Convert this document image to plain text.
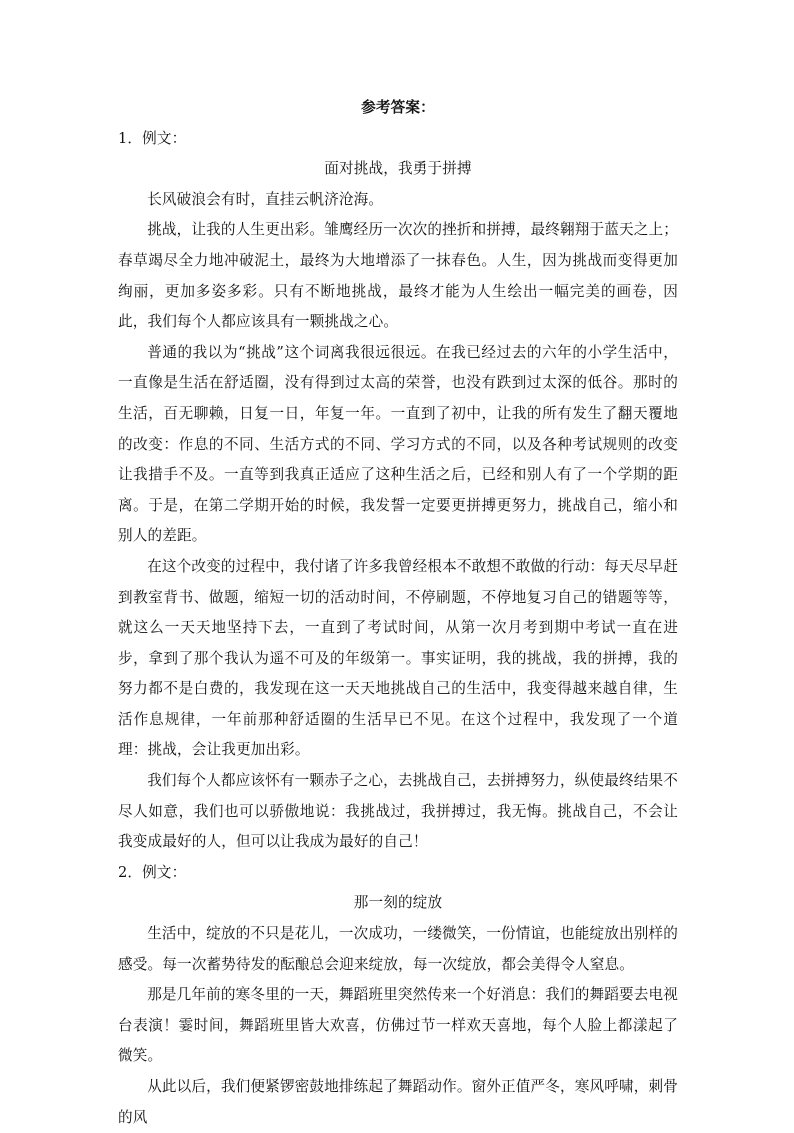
参考答案：

1．例文：

面对挑战，我勇于拼搏

长风破浪会有时，直挂云帆济沧海。

挑战，让我的人生更出彩。雏鹰经历一次次的挫折和拼搏，最终翱翔于蓝天之上；春草竭尽全力地冲破泥土，最终为大地增添了一抹春色。人生，因为挑战而变得更加绚丽，更加多姿多彩。只有不断地挑战，最终才能为人生绘出一幅完美的画卷，因此，我们每个人都应该具有一颗挑战之心。

普通的我以为“挑战”这个词离我很远很远。在我已经过去的六年的小学生活中，一直像是生活在舒适圈，没有得到过太高的荣誉，也没有跌到过太深的低谷。那时的生活，百无聊赖，日复一日，年复一年。一直到了初中，让我的所有发生了翻天覆地的改变：作息的不同、生活方式的不同、学习方式的不同，以及各种考试规则的改变让我措手不及。一直等到我真正适应了这种生活之后，已经和别人有了一个学期的距离。于是，在第二学期开始的时候，我发誓一定要更拼搏更努力，挑战自己，缩小和别人的差距。

在这个改变的过程中，我付诸了许多我曾经根本不敢想不敢做的行动：每天尽早赶到教室背书、做题，缩短一切的活动时间，不停刷题，不停地复习自己的错题等等，就这么一天天地坚持下去，一直到了考试时间，从第一次月考到期中考试一直在进步，拿到了那个我认为遥不可及的年级第一。事实证明，我的挑战，我的拼搏，我的努力都不是白费的，我发现在这一天天地挑战自己的生活中，我变得越来越自律，生活作息规律，一年前那种舒适圈的生活早已不见。在这个过程中，我发现了一个道理：挑战，会让我更加出彩。

我们每个人都应该怀有一颗赤子之心，去挑战自己，去拼搏努力，纵使最终结果不尽人如意，我们也可以骄傲地说：我挑战过，我拼搏过，我无悔。挑战自己，不会让我变成最好的人，但可以让我成为最好的自己！

2．例文：

那一刻的绽放

生活中，绽放的不只是花儿，一次成功，一缕微笑，一份情谊，也能绽放出别样的感受。每一次蓄势待发的酝酿总会迎来绽放，每一次绽放，都会美得令人窒息。

那是几年前的寒冬里的一天，舞蹈班里突然传来一个好消息：我们的舞蹈要去电视台表演！霎时间，舞蹈班里皆大欢喜，仿佛过节一样欢天喜地，每个人脸上都漾起了微笑。

从此以后，我们便紧锣密鼓地排练起了舞蹈动作。窗外正值严冬，寒风呼啸，刺骨的风
